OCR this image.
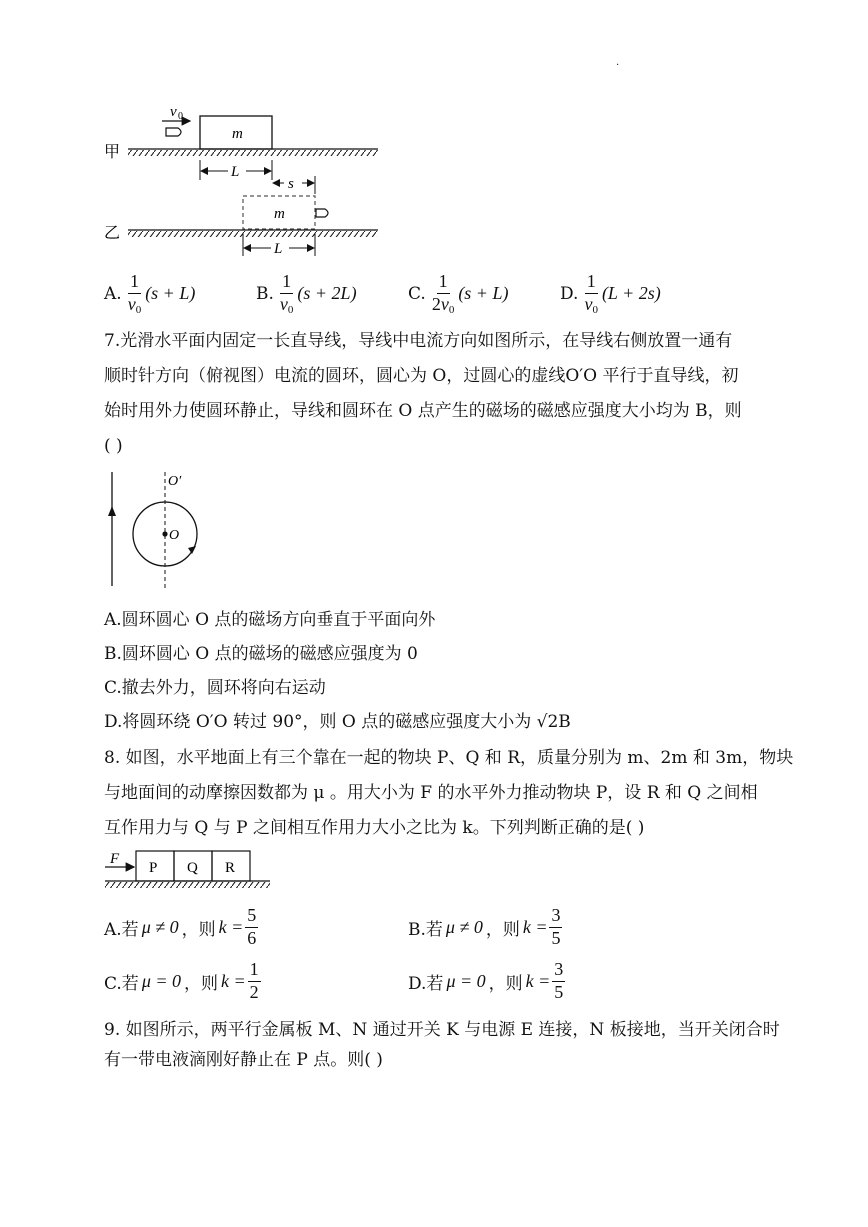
.
v 0
m
甲
L
s
m
乙
L
A. $\frac{1}{v_0} (s + L)$	B. $\frac{1}{v_0} (s + 2L)$	C. $\frac{1}{2v_0} (s + L)$	D. $\frac{1}{v_0} (L + 2s)$
7.光滑水平面内固定一长直导线，导线中电流方向如图所示，在导线右侧放置一通有
顺时针方向（俯视图）电流的圆环，圆心为 O，过圆心的虚线O′O 平行于直导线，初
始时用外力使圆环静止，导线和圆环在 O 点产生的磁场的磁感应强度大小均为 B，则
( )
O′
O
A.圆环圆心 O 点的磁场方向垂直于平面向外
B.圆环圆心 O 点的磁场的磁感应强度为 0
C.撤去外力，圆环将向右运动
D.将圆环绕 O′O 转过 90°，则 O 点的磁感应强度大小为 √2B
8. 如图，水平地面上有三个靠在一起的物块 P、Q 和 R，质量分别为 m、2m 和 3m，物块
与地面间的动摩擦因数都为 μ 。用大小为 F 的水平外力推动物块 P，设 R 和 Q 之间相
互作用力与 Q 与 P 之间相互作用力大小之比为 k。下列判断正确的是( )
F
P Q R
A.若 μ ≠ 0 ，则 $k = \frac{5}{6}$	B.若 μ ≠ 0 ，则 $k = \frac{3}{5}$
C.若 μ = 0 ，则 $k = \frac{1}{2}$	D.若 μ = 0 ，则 $k = \frac{3}{5}$
9. 如图所示，两平行金属板 M、N 通过开关 K 与电源 E 连接，N 板接地，当开关闭合时
有一带电液滴刚好静止在 P 点。则( )
